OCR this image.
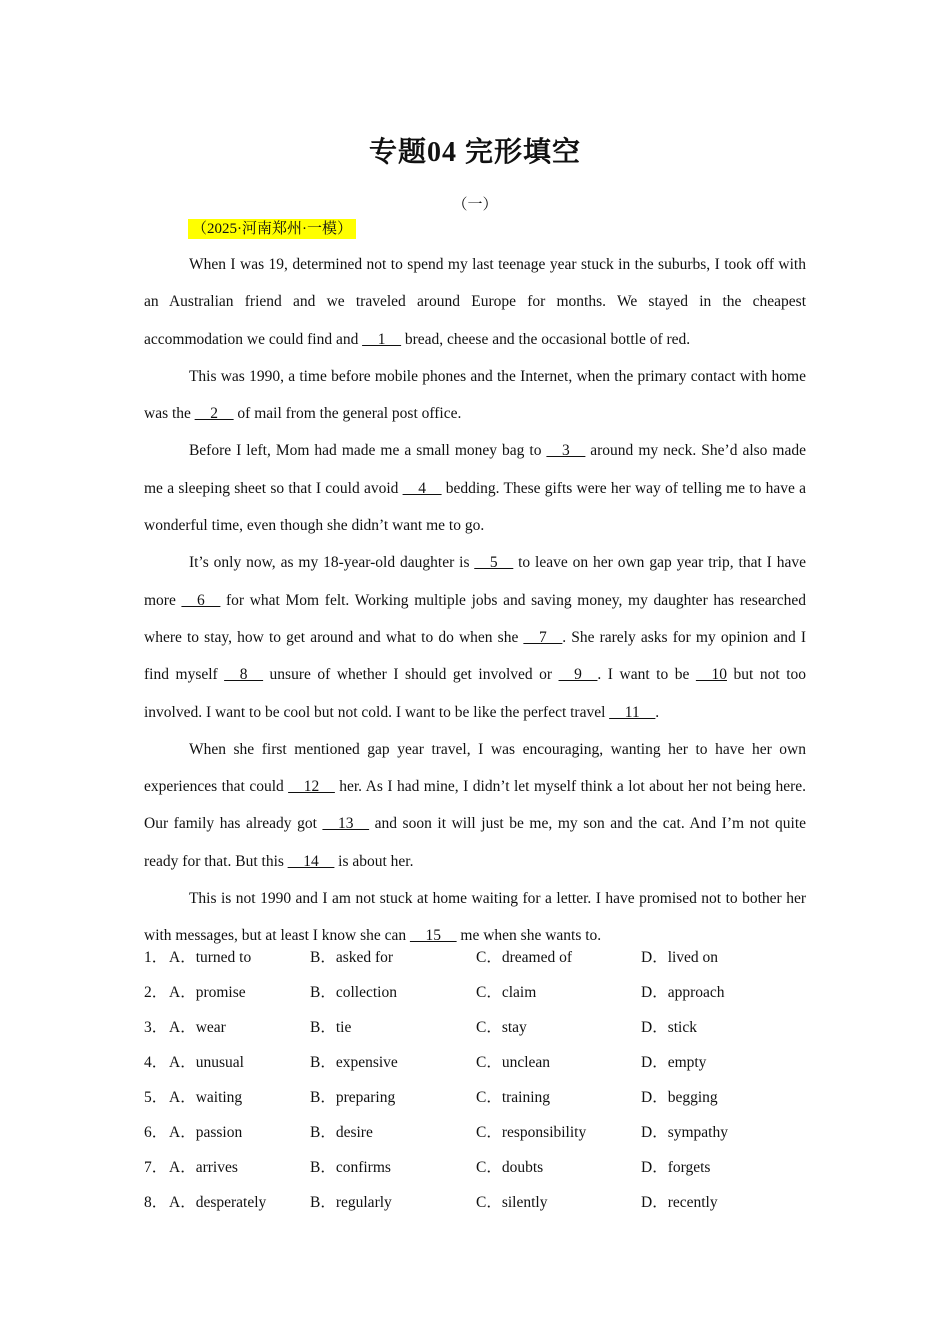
专题04 完形填空
（一）
（2025·河南郑州·一模）

When I was 19, determined not to spend my last teenage year stuck in the suburbs, I took off with an Australian friend and we traveled around Europe for months. We stayed in the cheapest accommodation we could find and __1__ bread, cheese and the occasional bottle of red.

This was 1990, a time before mobile phones and the Internet, when the primary contact with home was the __2__ of mail from the general post office.

Before I left, Mom had made me a small money bag to __3__ around my neck. She’d also made me a sleeping sheet so that I could avoid __4__ bedding. These gifts were her way of telling me to have a wonderful time, even though she didn’t want me to go.

It’s only now, as my 18-year-old daughter is __5__ to leave on her own gap year trip, that I have more __6__ for what Mom felt. Working multiple jobs and saving money, my daughter has researched where to stay, how to get around and what to do when she __7__. She rarely asks for my opinion and I find myself __8__ unsure of whether I should get involved or __9__. I want to be __10 but not too involved. I want to be cool but not cold. I want to be like the perfect travel __11__.

When she first mentioned gap year travel, I was encouraging, wanting her to have her own experiences that could __12__ her. As I had mine, I didn’t let myself think a lot about her not being here. Our family has already got __13__ and soon it will just be me, my son and the cat. And I’m not quite ready for that. But this __14__ is about her.

This is not 1990 and I am not stuck at home waiting for a letter. I have promised not to bother her with messages, but at least I know she can __15__ me when she wants to.

1． A．turned to	B．asked for	C．dreamed of	D．lived on
2． A．promise	B．collection	C．claim	D．approach
3． A．wear	B．tie	C．stay	D．stick
4． A．unusual	B．expensive	C．unclean	D．empty
5． A．waiting	B．preparing	C．training	D．begging
6． A．passion	B．desire	C．responsibility	D．sympathy
7． A．arrives	B．confirms	C．doubts	D．forgets
8． A．desperately	B．regularly	C．silently	D．recently
